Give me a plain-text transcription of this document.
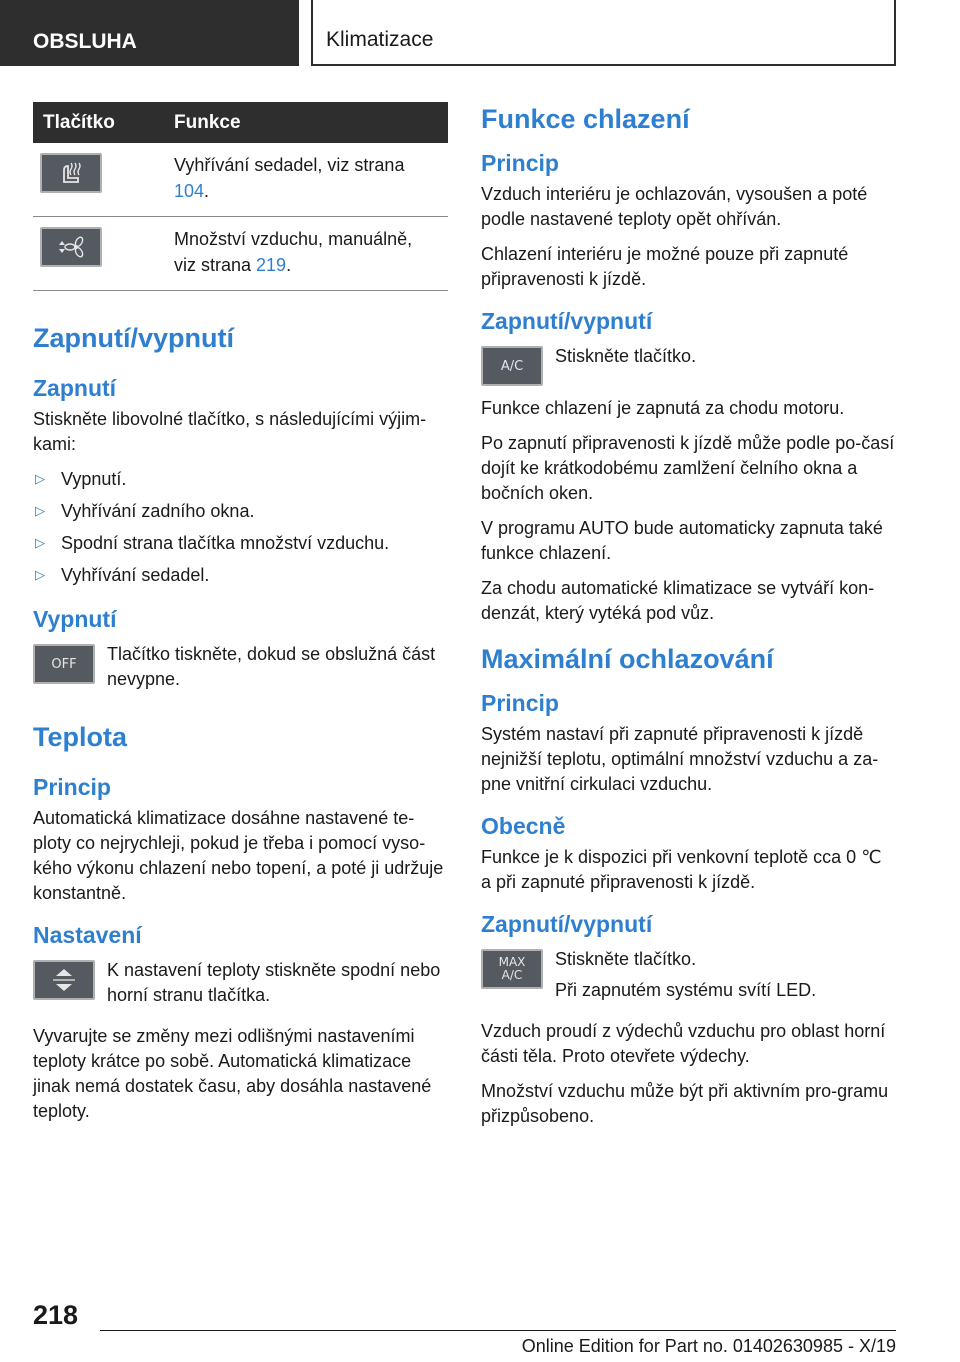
OBSLUHA	Klimatizace
Tlačítko	Funkce

	Vyhřívání sedadel, viz strana 104.

	Množství vzduchu, manuálně, viz strana 219.
Zapnutí/vypnutí
Zapnutí

Stiskněte libovolné tlačítko, s následujícími výjim-kami:

▷ Vypnutí.
▷ Vyhřívání zadního okna.
▷ Spodní strana tlačítka množství vzduchu.
▷ Vyhřívání sedadel.
Vypnutí
OFF	Tlačítko tiskněte, dokud se obslužná část nevypne.

Teplota
Princip

Automatická klimatizace dosáhne nastavené te-ploty co nejrychleji, pokud je třeba i pomocí vyso-kého výkonu chlazení nebo topení, a poté ji udržuje konstantně.

Nastavení

K nastavení teploty stiskněte spodní nebo horní stranu tlačítka.

Vyvarujte se změny mezi odlišnými nastaveními teploty krátce po sobě. Automatická klimatizace jinak nemá dostatek času, aby dosáhla nastavené teploty.

Funkce chlazení
Princip

Vzduch interiéru je ochlazován, vysoušen a poté podle nastavené teploty opět ohříván.

Chlazení interiéru je možné pouze při zapnuté připravenosti k jízdě.

Zapnutí/vypnutí
A/C	Stiskněte tlačítko.

Funkce chlazení je zapnutá za chodu motoru.

Po zapnutí připravenosti k jízdě může podle po-časí dojít ke krátkodobému zamlžení čelního okna a bočních oken.

V programu AUTO bude automaticky zapnuta také funkce chlazení.

Za chodu automatické klimatizace se vytváří kon-denzát, který vytéká pod vůz.

Maximální ochlazování
Princip

Systém nastaví při zapnuté připravenosti k jízdě nejnižší teplotu, optimální množství vzduchu a za-pne vnitřní cirkulaci vzduchu.

Obecně

Funkce je k dispozici při venkovní teplotě cca 0 ℃ a při zapnuté připravenosti k jízdě.

Zapnutí/vypnutí
MAX
A/C

Stiskněte tlačítko.

Při zapnutém systému svítí LED.

Vzduch proudí z výdechů vzduchu pro oblast horní části těla. Proto otevřete výdechy.

Množství vzduchu může být při aktivním pro-gramu přizpůsobeno.

218
Online Edition for Part no. 01402630985 - X/19
